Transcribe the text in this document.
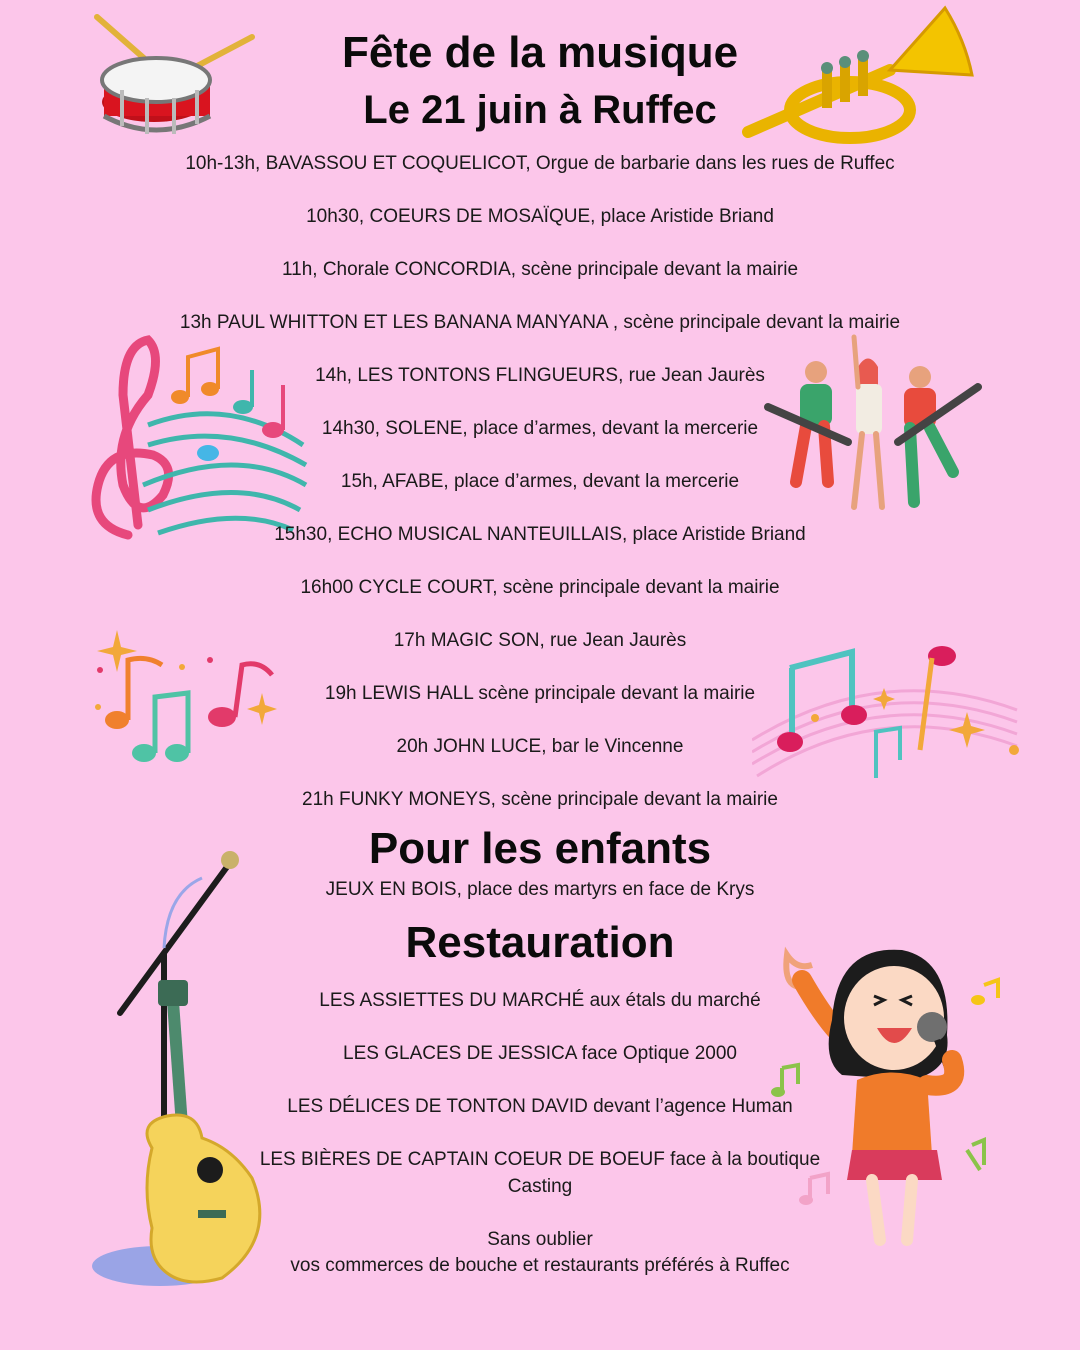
Fête de la musique
Le 21 juin à Ruffec
10h-13h, BAVASSOU ET COQUELICOT, Orgue de barbarie dans les rues de Ruffec
10h30, COEURS DE MOSAÏQUE, place Aristide Briand
11h, Chorale CONCORDIA, scène principale devant la mairie
13h PAUL WHITTON ET LES BANANA MANYANA , scène principale devant la mairie
14h, LES TONTONS FLINGUEURS, rue Jean Jaurès
14h30, SOLENE, place d’armes, devant la mercerie
15h, AFABE, place d’armes, devant la mercerie
15h30, ECHO MUSICAL NANTEUILLAIS, place Aristide Briand
16h00 CYCLE COURT, scène principale devant la mairie
17h MAGIC SON, rue Jean Jaurès
19h LEWIS HALL scène principale devant la mairie
20h JOHN LUCE, bar le Vincenne
21h FUNKY MONEYS, scène principale devant la mairie
Pour les enfants
JEUX EN BOIS, place des martyrs en face de Krys
Restauration
LES ASSIETTES DU MARCHÉ aux étals du marché
LES GLACES DE JESSICA face Optique 2000
LES DÉLICES DE TONTON DAVID devant l’agence Human
LES BIÈRES DE CAPTAIN COEUR DE BOEUF face à la boutique
Casting
Sans oublier
vos commerces de bouche et restaurants préférés à Ruffec
